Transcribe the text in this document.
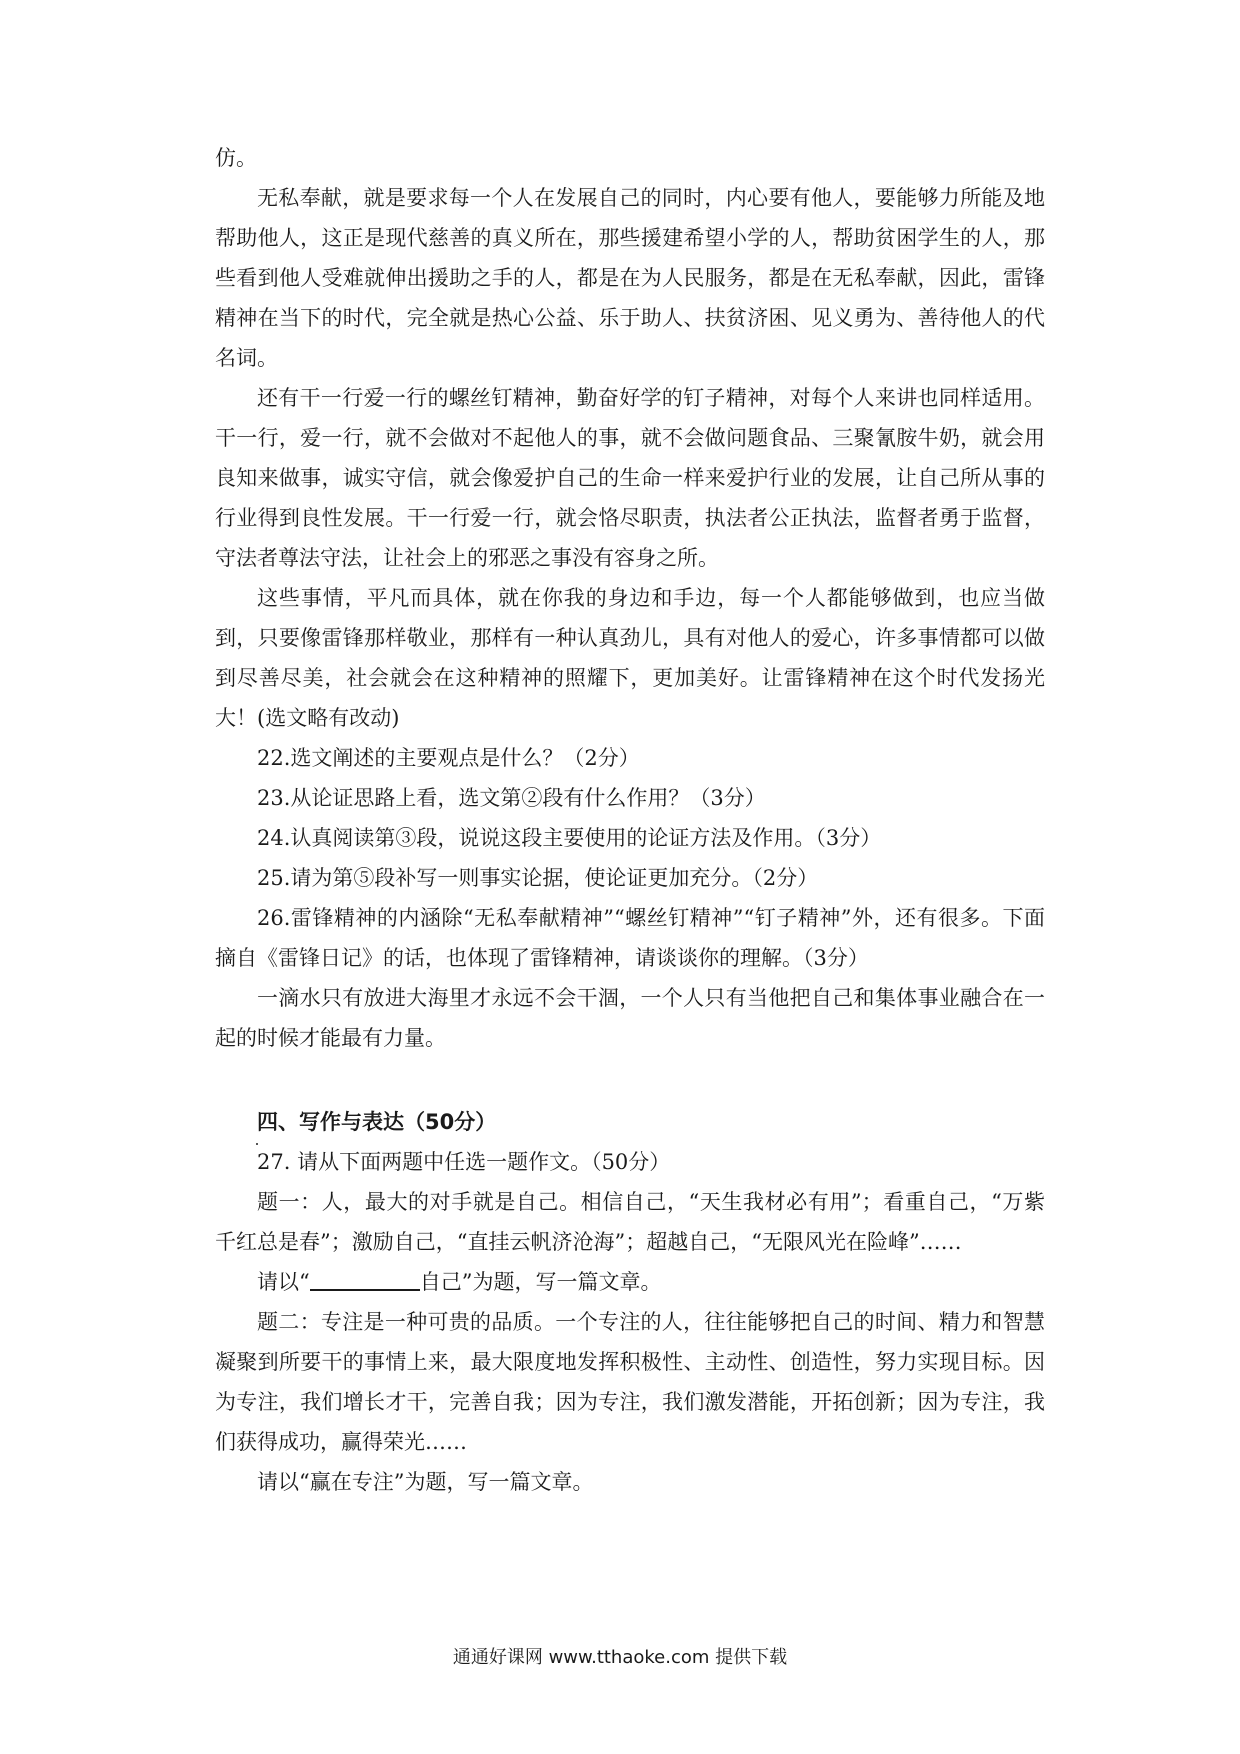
仿。

无私奉献，就是要求每一个人在发展自己的同时，内心要有他人，要能够力所能及地帮助他人，这正是现代慈善的真义所在，那些援建希望小学的人，帮助贫困学生的人，那些看到他人受难就伸出援助之手的人，都是在为人民服务，都是在无私奉献，因此，雷锋精神在当下的时代，完全就是热心公益、乐于助人、扶贫济困、见义勇为、善待他人的代名词。

还有干一行爱一行的螺丝钉精神，勤奋好学的钉子精神，对每个人来讲也同样适用。干一行，爱一行，就不会做对不起他人的事，就不会做问题食品、三聚氰胺牛奶，就会用良知来做事，诚实守信，就会像爱护自己的生命一样来爱护行业的发展，让自己所从事的行业得到良性发展。干一行爱一行，就会恪尽职责，执法者公正执法，监督者勇于监督，守法者尊法守法，让社会上的邪恶之事没有容身之所。

这些事情，平凡而具体，就在你我的身边和手边，每一个人都能够做到，也应当做到，只要像雷锋那样敬业，那样有一种认真劲儿，具有对他人的爱心，许多事情都可以做到尽善尽美，社会就会在这种精神的照耀下，更加美好。让雷锋精神在这个时代发扬光大！(选文略有改动)

22.选文阐述的主要观点是什么？（2分）

23.从论证思路上看，选文第②段有什么作用？（3分）

24.认真阅读第③段，说说这段主要使用的论证方法及作用。（3分）

25.请为第⑤段补写一则事实论据，使论证更加充分。（2分）

26.雷锋精神的内涵除“无私奉献精神”“螺丝钉精神”“钉子精神”外，还有很多。下面摘自《雷锋日记》的话，也体现了雷锋精神，请谈谈你的理解。（3分）

一滴水只有放进大海里才永远不会干涸，一个人只有当他把自己和集体事业融合在一起的时候才能最有力量。

四、写作与表达（50分）

27. 请从下面两题中任选一题作文。（50分）

题一：人，最大的对手就是自己。相信自己，“天生我材必有用”；看重自己，“万紫千红总是春”；激励自己，“直挂云帆济沧海”；超越自己，“无限风光在险峰”……

请以“	自己”为题，写一篇文章。

题二：专注是一种可贵的品质。一个专注的人，往往能够把自己的时间、精力和智慧凝聚到所要干的事情上来，最大限度地发挥积极性、主动性、创造性，努力实现目标。因为专注，我们增长才干，完善自我；因为专注，我们激发潜能，开拓创新；因为专注，我们获得成功，赢得荣光……

请以“赢在专注”为题，写一篇文章。

通通好课网 www.tthaoke.com 提供下载
